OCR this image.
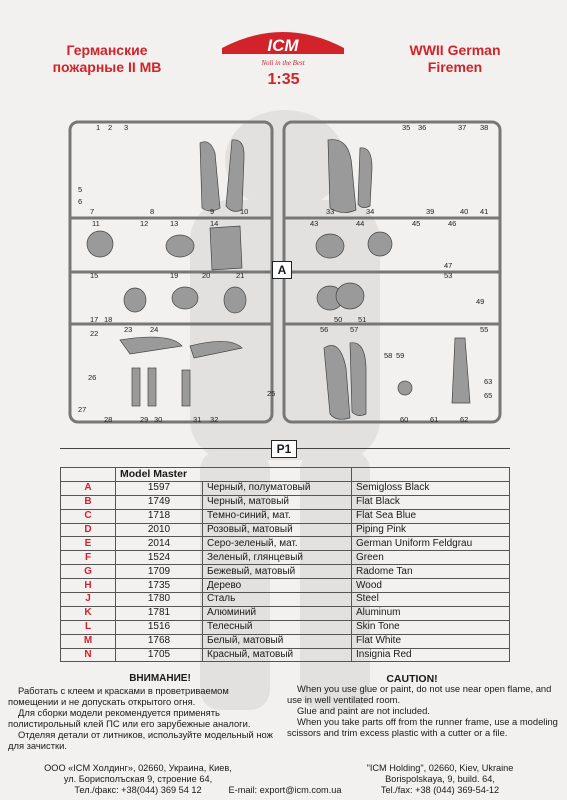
Германские
пожарные II MB
ICM
Noli in the Best
WWII German
Firemen
1:35
1 2 3
5
6
7	8	9	10
11	12	13	14
15
17 18
19	20	21
22	23 24
25
26
27
28	29 30	31 32
33	34
35 36	37 38
39	40 41
43	44	45	46
47
49
50 51
53
55
56	57
58 59
60	61	62
63
65
A
P1
	Model Master		
A	1597	Черный, полуматовый	Semigloss Black
B	1749	Черный, матовый	Flat Black
C	1718	Темно-синий, мат.	Flat Sea Blue
D	2010	Розовый, матовый	Piping Pink
E	2014	Серо-зеленый, мат.	German Uniform Feldgrau
F	1524	Зеленый, глянцевый	Green
G	1709	Бежевый, матовый	Radome Tan
H	1735	Дерево	Wood
J	1780	Сталь	Steel
K	1781	Алюминий	Aluminum
L	1516	Телесный	Skin Tone
M	1768	Белый, матовый	Flat White
N	1705	Красный, матовый	Insignia Red
ВНИМАНИЕ!
Работать с клеем и красками в проветриваемом помещении и не допускать открытого огня.
Для сборки модели рекомендуется применять полистирольный клей ПС или его зарубежные аналоги.
Отделяя детали от литников, используйте модельный нож для зачистки.
CAUTION!
When you use glue or paint, do not use near open flame, and use in well ventilated room.
Glue and paint are not included.
When you take parts off from the runner frame, use a modeling scissors and trim excess plastic with a cutter or a file.
ООО «ICM Холдинг», 02660, Украина, Киев,
ул. Борисполъская 9, строение 64,
Тел./факс: +38(044) 369 54 12
"ICM Holding", 02660, Kiev, Ukraine
Borispolskaya, 9, build. 64,
Tel./fax: +38 (044) 369-54-12
E-mail: export@icm.com.ua
